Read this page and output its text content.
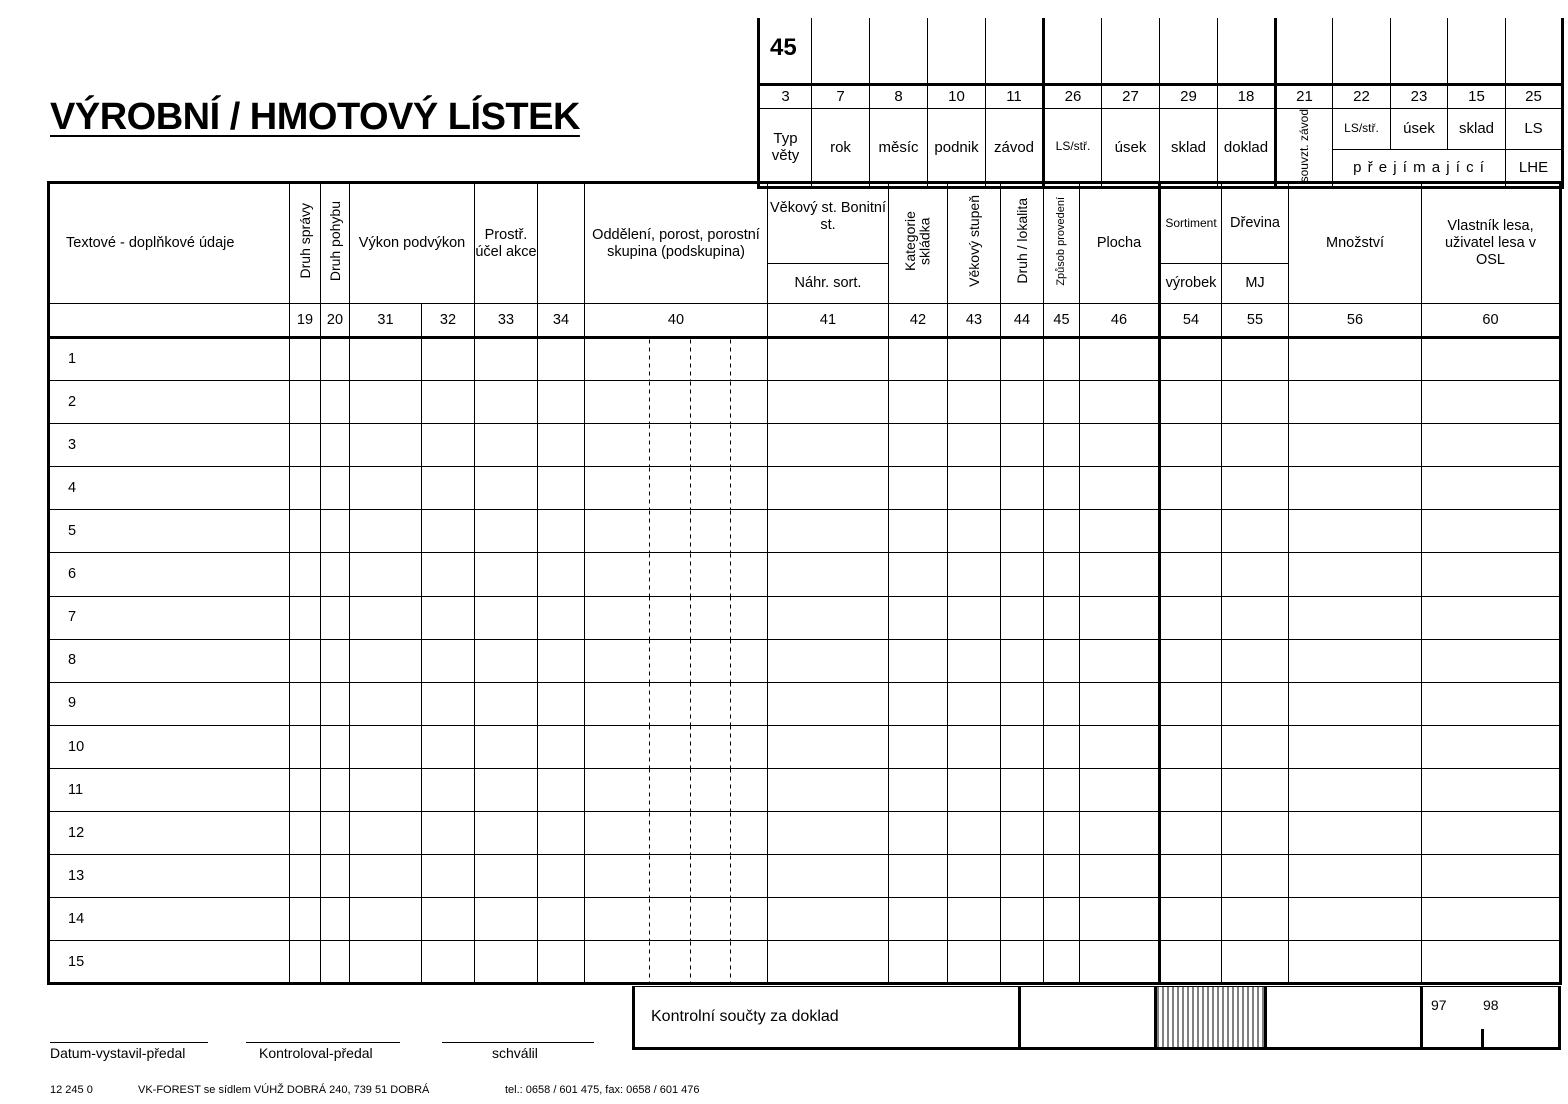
VÝROBNÍ / HMOTOVÝ LÍSTEK
45													
3	7	8	10	11	26	27	29	18	21	22	23	15	25
Typ věty	rok	měsíc	podnik	závod	LS/stř.	úsek	sklad	doklad	souvzt. závod	LS/stř.	úsek	sklad	LS
										p ř e j í m a j í c í			LHE
Textové - doplňkové údaje	Druh správy	Druh pohybu	Výkon podvýkon		Prostř. účel akce		Oddělení, porost, porostní skupina (podskupina)	Věkový st. Bonitní st.	Kategorie skládka	Věkový stupeň	Druh / lokalita	Způsob provedení	Plocha	Sortiment	Dřevina	Množství	Vlastník lesa, uživatel lesa v OSL
								Náhr. sort.						výrobek	MJ		
	19	20	31	32	33	34	40	41	42	43	44	45	46	54	55	56	60
1																	
2																	
3																	
4																	
5																	
6																	
7																	
8																	
9																	
10																	
11																	
12																	
13																	
14																	
15																	
Kontrolní součty za doklad				
97	98
Datum-vystavil-předal	Kontroloval-předal	schválil
12 245 0	VK-FOREST se sídlem VÚHŽ DOBRÁ 240, 739 51 DOBRÁ	tel.: 0658 / 601 475, fax: 0658 / 601 476
